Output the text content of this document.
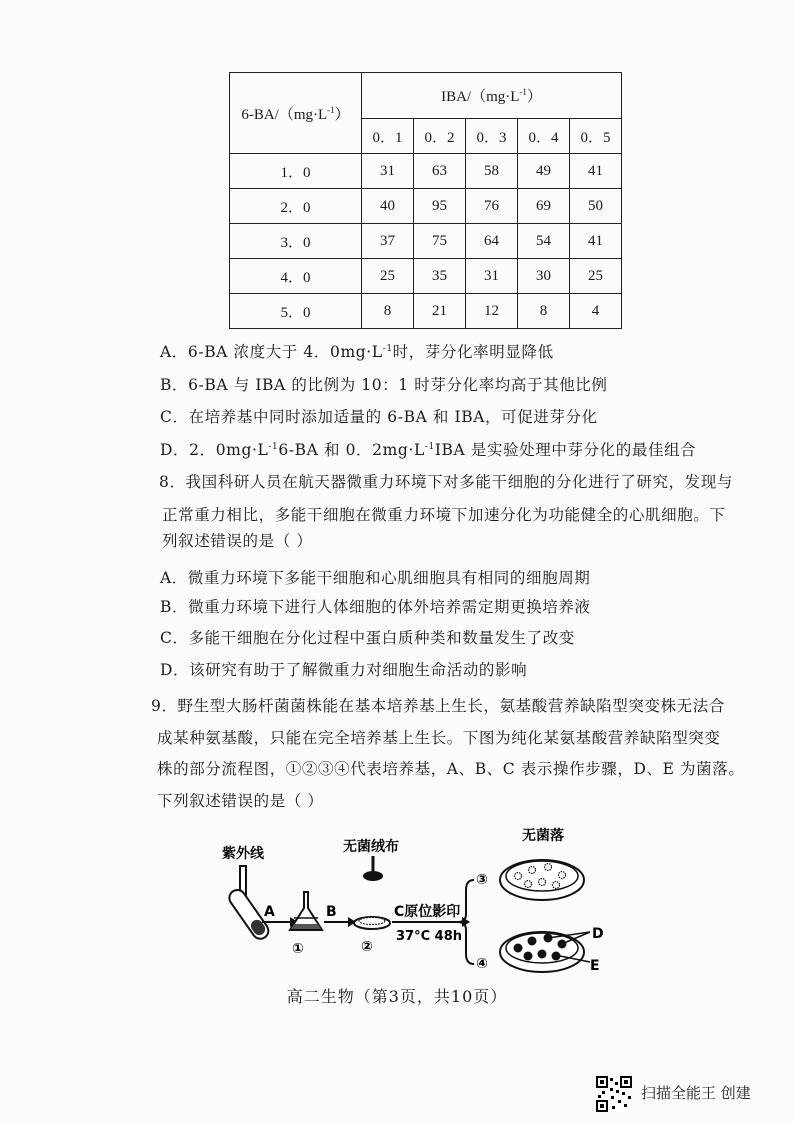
$6-BA/(mg\cdot L^{-1})$	IBA/$(mg\cdot L^{-1})$				
	0．1	0．2	0．3	0．4	0．5
1．0	31	63	58	49	41
2．0	40	95	76	69	50
3．0	37	75	64	54	41
4．0	25	35	31	30	25
5．0	8	21	12	8	4
A．6-BA 浓度大于 4．$0mg\cdot L^{-1}$时，芽分化率明显降低
B．6-BA 与 IBA 的比例为 10：1 时芽分化率均高于其他比例
C．在培养基中同时添加适量的 6-BA 和 IBA，可促进芽分化
D．2．$0mg\cdot L^{-1}6-BA$ 和 0．$2mg\cdot L^{-1}IBA$ 是实验处理中芽分化的最佳组合
8．我国科研人员在航天器微重力环境下对多能干细胞的分化进行了研究，发现与
正常重力相比，多能干细胞在微重力环境下加速分化为功能健全的心肌细胞。下
列叙述错误的是（ ）
A．微重力环境下多能干细胞和心肌细胞具有相同的细胞周期
B．微重力环境下进行人体细胞的体外培养需定期更换培养液
C．多能干细胞在分化过程中蛋白质种类和数量发生了改变
D．该研究有助于了解微重力对细胞生命活动的影响
9．野生型大肠杆菌菌株能在基本培养基上生长，氨基酸营养缺陷型突变株无法合
成某种氨基酸，只能在完全培养基上生长。下图为纯化某氨基酸营养缺陷型突变
株的部分流程图，①②③④代表培养基，A、B、C 表示操作步骤，D、E 为菌落。
下列叙述错误的是（ ）
紫外线
A
①
B
②
无菌绒布
C原位影印
37°C 48h
③
无菌落
④
D
E
高二生物（第3页，共10页）
扫描全能王 创建
